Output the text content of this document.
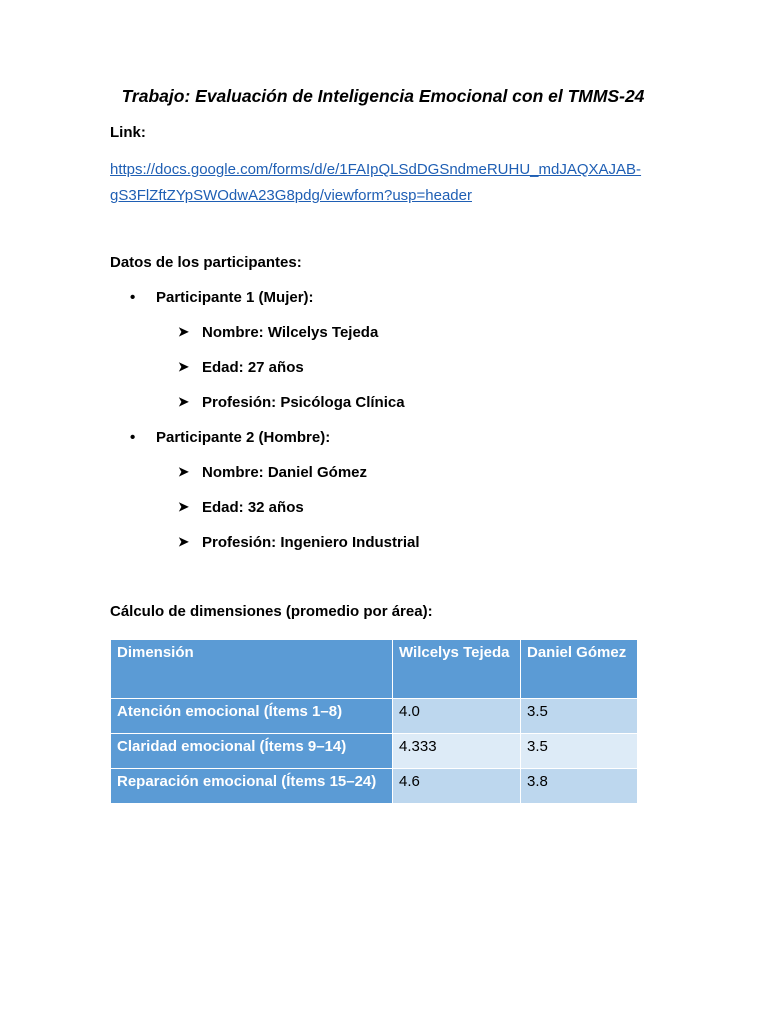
Trabajo: Evaluación de Inteligencia Emocional con el TMMS-24
Link:
https://docs.google.com/forms/d/e/1FAIpQLSdDGSndmeRUHU_mdJAQXAJAB-
gS3FlZftZYpSWOdwA23G8pdg/viewform?usp=header
Datos de los participantes:
• Participante 1 (Mujer):
➤ Nombre: Wilcelys Tejeda
➤ Edad: 27 años
➤ Profesión: Psicóloga Clínica
• Participante 2 (Hombre):
➤ Nombre: Daniel Gómez
➤ Edad: 32 años
➤ Profesión: Ingeniero Industrial
Cálculo de dimensiones (promedio por área):
Dimensión	Wilcelys Tejeda	Daniel Gómez
Atención emocional (Ítems 1–8)	4.0	3.5
Claridad emocional (Ítems 9–14)	4.333	3.5
Reparación emocional (Ítems 15–24)	4.6	3.8
